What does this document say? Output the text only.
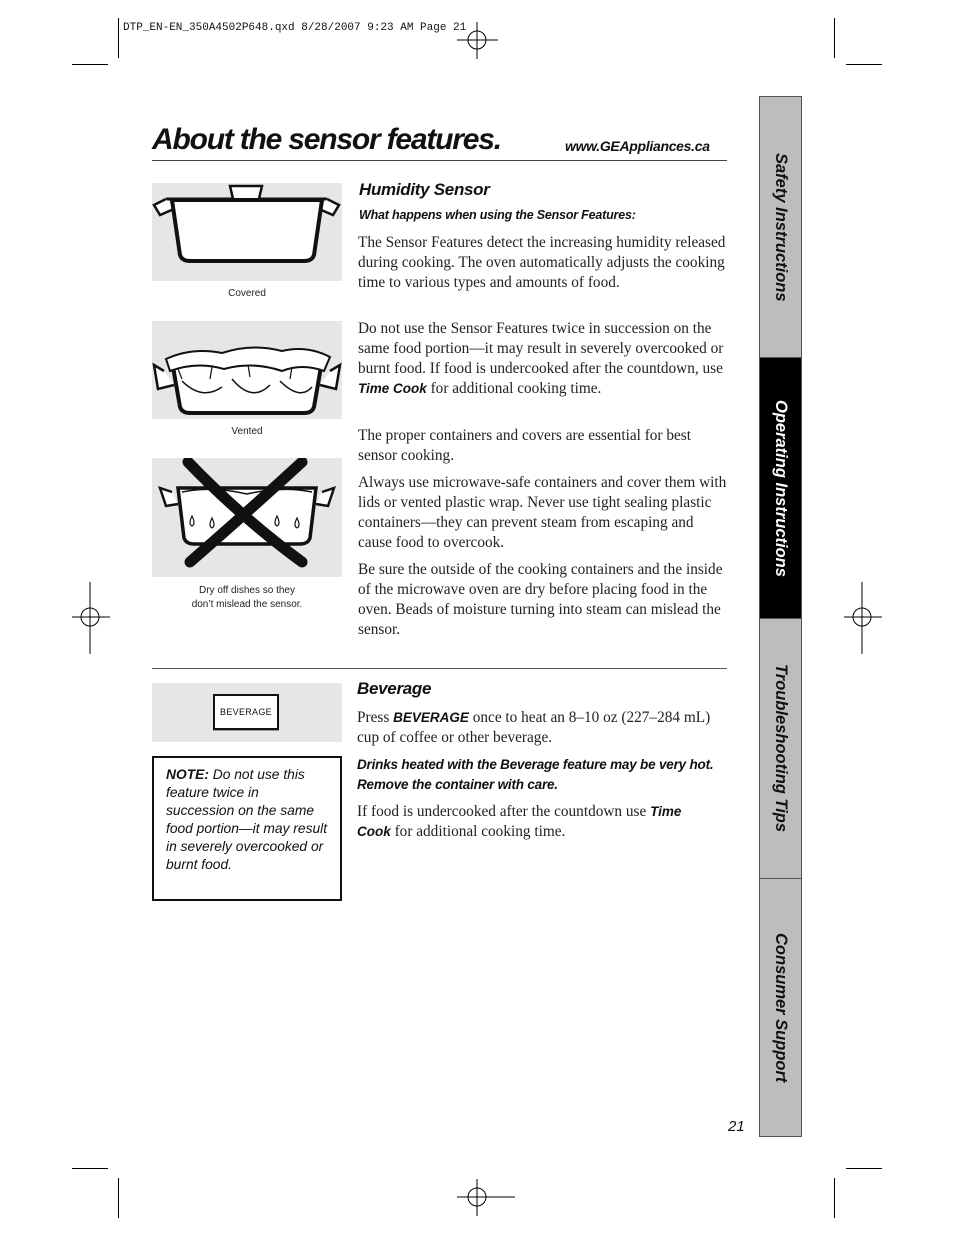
DTP_EN-EN_350A4502P648.qxd 8/28/2007 9:23 AM Page 21
About the sensor features.	www.GEAppliances.ca
Covered
Vented
Dry off dishes so they
don’t mislead the sensor.
Humidity Sensor
What happens when using the Sensor Features:
The Sensor Features detect the increasing humidity released during cooking. The oven automatically adjusts the cooking time to various types and amounts of food.
Do not use the Sensor Features twice in succession on the same food portion—it may result in severely overcooked or burnt food. If food is undercooked after the countdown, use Time Cook for additional cooking time.
The proper containers and covers are essential for best sensor cooking.
Always use microwave-safe containers and cover them with lids or vented plastic wrap. Never use tight sealing plastic containers—they can prevent steam from escaping and cause food to overcook.
Be sure the outside of the cooking containers and the inside of the microwave oven are dry before placing food in the oven. Beads of moisture turning into steam can mislead the sensor.
BEVERAGE
NOTE: Do not use this feature twice in succession on the same food portion—it may result in severely overcooked or burnt food.
Beverage
Press BEVERAGE once to heat an 8–10 oz (227–284 mL) cup of coffee or other beverage.
Drinks heated with the Beverage feature may be very hot. Remove the container with care.
If food is undercooked after the countdown use Time Cook for additional cooking time.
Safety Instructions
Operating Instructions
Troubleshooting Tips
Consumer Support
21
